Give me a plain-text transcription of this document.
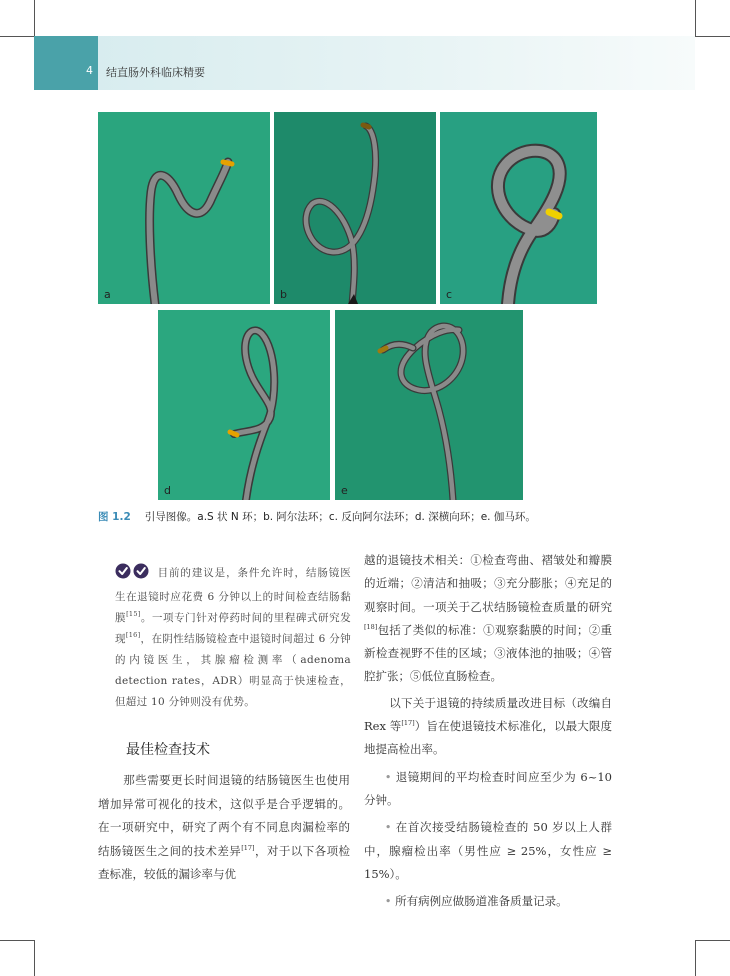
4 结直肠外科临床精要
a	b	c
d	e
图 1.2 引导图像。a.S 状 N 环；b. 阿尔法环；c. 反向阿尔法环；d. 深横向环；e. 伽马环。
目前的建议是，条件允许时，结肠镜医生在退镜时应花费 6 分钟以上的时间检查结肠黏膜[15]。一项专门针对停药时间的里程碑式研究发现[16]，在阴性结肠镜检查中退镜时间超过 6 分钟的内镜医生，其腺瘤检测率（adenoma detection rates，ADR）明显高于快速检查，但超过 10 分钟则没有优势。
最佳检查技术
那些需要更长时间退镜的结肠镜医生也使用增加异常可视化的技术，这似乎是合乎逻辑的。在一项研究中，研究了两个有不同息肉漏检率的结肠镜医生之间的技术差异[17]，对于以下各项检查标准，较低的漏诊率与优

越的退镜技术相关：①检查弯曲、褶皱处和瓣膜的近端；②清洁和抽吸；③充分膨胀；④充足的观察时间。一项关于乙状结肠镜检查质量的研究[18]包括了类似的标准：①观察黏膜的时间；②重新检查视野不佳的区域；③液体池的抽吸；④管腔扩张；⑤低位直肠检查。

以下关于退镜的持续质量改进目标（改编自 Rex 等[17]）旨在使退镜技术标准化，以最大限度地提高检出率。

• 退镜期间的平均检查时间应至少为 6~10 分钟。

• 在首次接受结肠镜检查的 50 岁以上人群中，腺瘤检出率（男性应 ≥ 25%，女性应 ≥ 15%）。

• 所有病例应做肠道准备质量记录。
